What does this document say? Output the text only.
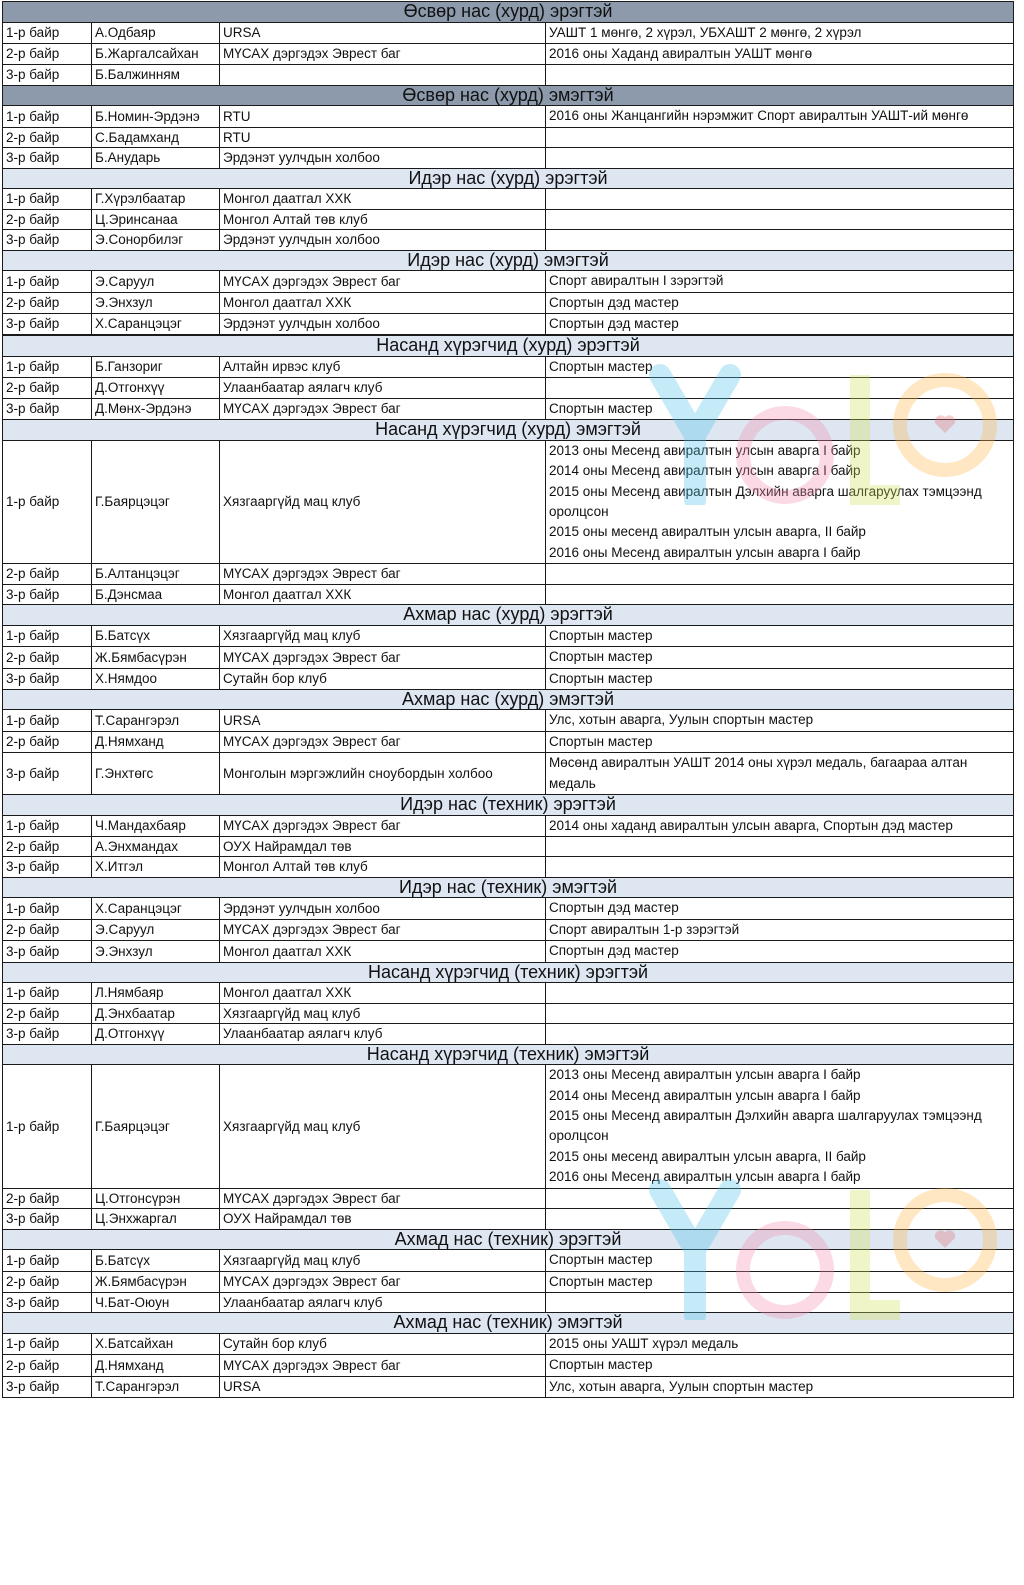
Өсвөр нас (хурд) эрэгтэй			
1-р байр	А.Одбаяр	URSA	УАШТ 1 мөнгө, 2 хүрэл, УБХАШТ 2 мөнгө, 2 хүрэл

2-р байр	Б.Жаргалсайхан	МҮСАХ дэргэдэх Эврест баг	2016 оны Хаданд авиралтын УАШТ мөнгө

3-р байр	Б.Балжинням		
Өсвөр нас (хурд) эмэгтэй			
1-р байр	Б.Номин-Эрдэнэ	RTU	2016 оны Жанцангийн нэрэмжит Спорт авиралтын УАШТ-ий мөнгө

2-р байр	С.Бадамханд	RTU	
3-р байр	Б.Анударь	Эрдэнэт уулчдын холбоо	
Идэр нас (хурд) эрэгтэй			
1-р байр	Г.Хүрэлбаатар	Монгол даатгал ХХК	
2-р байр	Ц.Эринсанаа	Монгол Алтай төв клуб	
3-р байр	Э.Сонорбилэг	Эрдэнэт уулчдын холбоо	
Идэр нас (хурд) эмэгтэй			
1-р байр	Э.Саруул	МҮСАХ дэргэдэх Эврест баг	Спорт авиралтын I зэрэгтэй

2-р байр	Э.Энхзул	Монгол даатгал ХХК	Спортын дэд мастер

3-р байр	Х.Саранцэцэг	Эрдэнэт уулчдын холбоо	Спортын дэд мастер

Насанд хүрэгчид (хурд) эрэгтэй			
1-р байр	Б.Ганзориг	Алтайн ирвэс клуб	Спортын мастер

2-р байр	Д.Отгонхүү	Улаанбаатар аялагч клуб	
3-р байр	Д.Мөнх-Эрдэнэ	МҮСАХ дэргэдэх Эврест баг	Спортын мастер

Насанд хүрэгчид (хурд) эмэгтэй			
1-р байр	Г.Баярцэцэг	Хязгааргүйд мац клуб	2013 оны Месенд авиралтын улсын аварга I байр
2014 оны Месенд авиралтын улсын аварга I байр
2015 оны Месенд авиралтын Дэлхийн аварга шалгаруулах тэмцээнд оролцсон
2015 оны месенд авиралтын улсын аварга, II байр
2016 оны Месенд авиралтын улсын аварга I байр

2-р байр	Б.Алтанцэцэг	МҮСАХ дэргэдэх Эврест баг	
3-р байр	Б.Дэнсмаа	Монгол даатгал ХХК	
Ахмар нас (хурд) эрэгтэй			
1-р байр	Б.Батсүх	Хязгааргүйд мац клуб	Спортын мастер

2-р байр	Ж.Бямбасүрэн	МҮСАХ дэргэдэх Эврест баг	Спортын мастер

3-р байр	Х.Нямдоо	Сутайн бор клуб	Спортын мастер

Ахмар нас (хурд) эмэгтэй			
1-р байр	Т.Сарангэрэл	URSA	Улс, хотын аварга, Уулын спортын мастер

2-р байр	Д.Нямханд	МҮСАХ дэргэдэх Эврест баг	Спортын мастер

3-р байр	Г.Энхтөгс	Монголын мэргэжлийн сноубордын холбоо	Мөсөнд авиралтын УАШТ 2014 оны хүрэл медаль, багаараа алтан медаль

Идэр нас (техник) эрэгтэй			
1-р байр	Ч.Мандахбаяр	МҮСАХ дэргэдэх Эврест баг	2014 оны хаданд авиралтын улсын аварга, Спортын дэд мастер

2-р байр	А.Энхмандах	ОУХ Найрамдал төв	
3-р байр	Х.Итгэл	Монгол Алтай төв клуб	
Идэр нас (техник) эмэгтэй			
1-р байр	Х.Саранцэцэг	Эрдэнэт уулчдын холбоо	Спортын дэд мастер

2-р байр	Э.Саруул	МҮСАХ дэргэдэх Эврест баг	Спорт авиралтын 1-р зэрэгтэй

3-р байр	Э.Энхзул	Монгол даатгал ХХК	Спортын дэд мастер

Насанд хүрэгчид (техник) эрэгтэй			
1-р байр	Л.Нямбаяр	Монгол даатгал ХХК	
2-р байр	Д.Энхбаатар	Хязгааргүйд мац клуб	
3-р байр	Д.Отгонхүү	Улаанбаатар аялагч клуб	
Насанд хүрэгчид (техник) эмэгтэй			
1-р байр	Г.Баярцэцэг	Хязгааргүйд мац клуб	2013 оны Месенд авиралтын улсын аварга I байр
2014 оны Месенд авиралтын улсын аварга I байр
2015 оны Месенд авиралтын Дэлхийн аварга шалгаруулах тэмцээнд оролцсон
2015 оны месенд авиралтын улсын аварга, II байр
2016 оны Месенд авиралтын улсын аварга I байр

2-р байр	Ц.Отгонсүрэн	МҮСАХ дэргэдэх Эврест баг	
3-р байр	Ц.Энхжаргал	ОУХ Найрамдал төв	
Ахмад нас (техник) эрэгтэй			
1-р байр	Б.Батсүх	Хязгааргүйд мац клуб	Спортын мастер

2-р байр	Ж.Бямбасүрэн	МҮСАХ дэргэдэх Эврест баг	Спортын мастер

3-р байр	Ч.Бат-Оюун	Улаанбаатар аялагч клуб	
Ахмад нас (техник) эмэгтэй			
1-р байр	Х.Батсайхан	Сутайн бор клуб	2015 оны УАШТ хүрэл медаль

2-р байр	Д.Нямханд	МҮСАХ дэргэдэх Эврест баг	Спортын мастер

3-р байр	Т.Сарангэрэл	URSA	Улс, хотын аварга, Уулын спортын мастер
